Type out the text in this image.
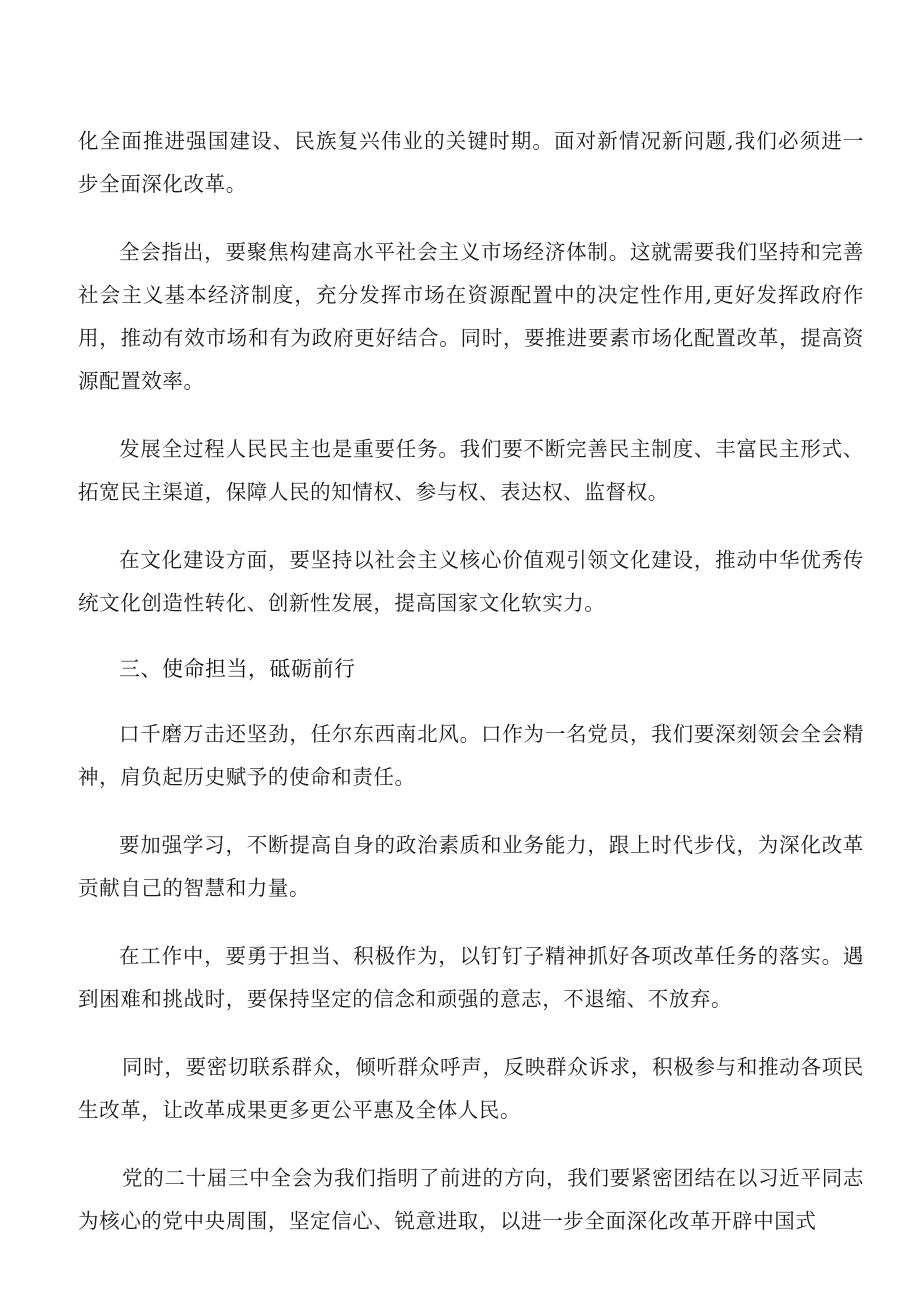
化全面推进强国建设、民族复兴伟业的关键时期。面对新情况新问题,我们必须进一步全面深化改革。

全会指出，要聚焦构建高水平社会主义市场经济体制。这就需要我们坚持和完善社会主义基本经济制度，充分发挥市场在资源配置中的决定性作用,更好发挥政府作用，推动有效市场和有为政府更好结合。同时，要推进要素市场化配置改革，提高资源配置效率。

发展全过程人民民主也是重要任务。我们要不断完善民主制度、丰富民主形式、拓宽民主渠道，保障人民的知情权、参与权、表达权、监督权。

在文化建设方面，要坚持以社会主义核心价值观引领文化建设，推动中华优秀传统文化创造性转化、创新性发展，提高国家文化软实力。

三、使命担当，砥砺前行

口千磨万击还坚劲，任尔东西南北风。口作为一名党员，我们要深刻领会全会精神，肩负起历史赋予的使命和责任。

要加强学习，不断提高自身的政治素质和业务能力，跟上时代步伐，为深化改革贡献自己的智慧和力量。

在工作中，要勇于担当、积极作为，以钉钉子精神抓好各项改革任务的落实。遇到困难和挑战时，要保持坚定的信念和顽强的意志，不退缩、不放弃。

同时，要密切联系群众，倾听群众呼声，反映群众诉求，积极参与和推动各项民生改革，让改革成果更多更公平惠及全体人民。

党的二十届三中全会为我们指明了前进的方向，我们要紧密团结在以习近平同志为核心的党中央周围，坚定信心、锐意进取，以进一步全面深化改革开辟中国式
